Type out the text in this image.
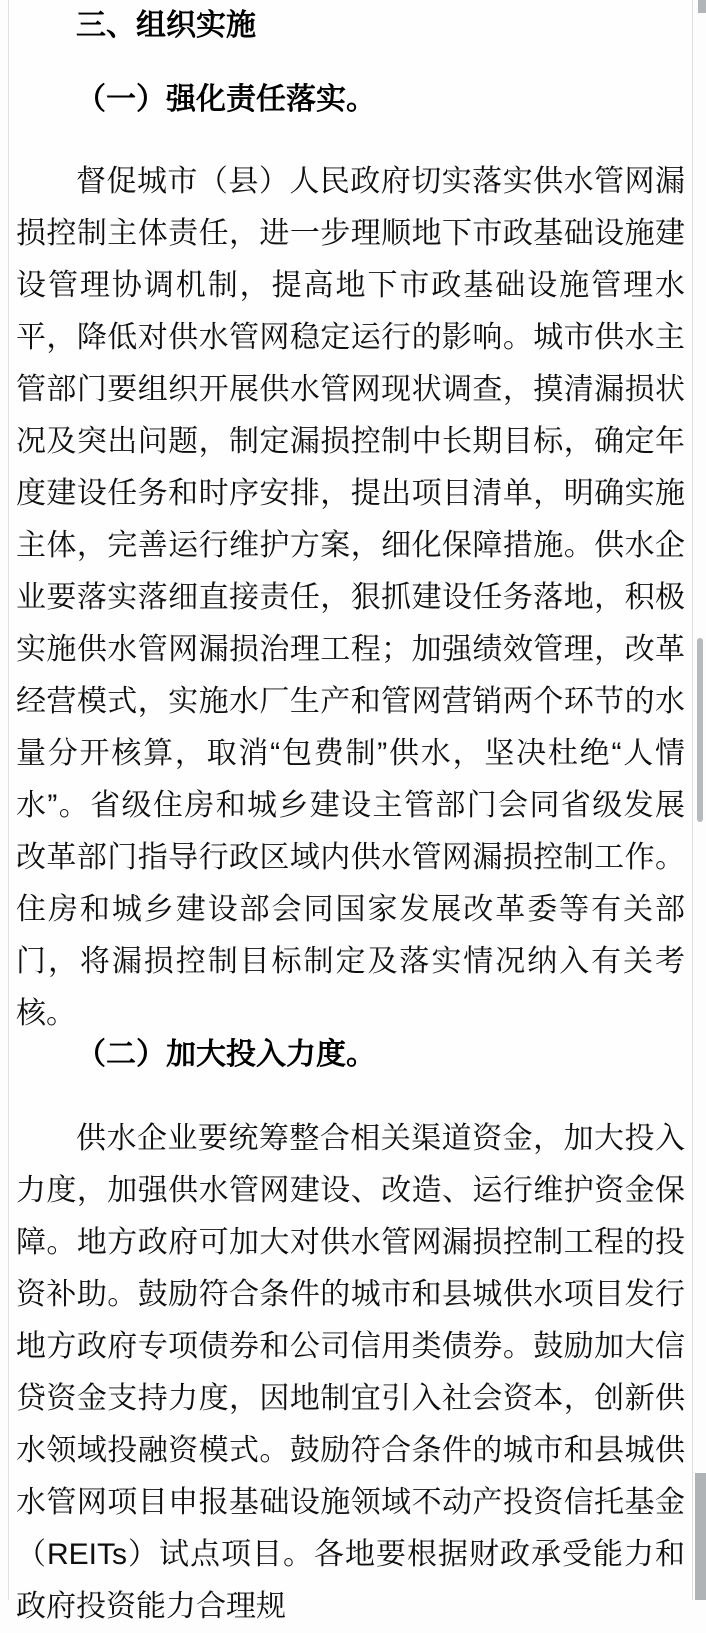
三、组织实施
（一）强化责任落实。

督促城市（县）人民政府切实落实供水管网漏损控制主体责任，进一步理顺地下市政基础设施建设管理协调机制，提高地下市政基础设施管理水平，降低对供水管网稳定运行的影响。城市供水主管部门要组织开展供水管网现状调查，摸清漏损状况及突出问题，制定漏损控制中长期目标，确定年度建设任务和时序安排，提出项目清单，明确实施主体，完善运行维护方案，细化保障措施。供水企业要落实落细直接责任，狠抓建设任务落地，积极实施供水管网漏损治理工程；加强绩效管理，改革经营模式，实施水厂生产和管网营销两个环节的水量分开核算，取消“包费制”供水，坚决杜绝“人情水”。省级住房和城乡建设主管部门会同省级发展改革部门指导行政区域内供水管网漏损控制工作。住房和城乡建设部会同国家发展改革委等有关部门，将漏损控制目标制定及落实情况纳入有关考核。

（二）加大投入力度。

供水企业要统筹整合相关渠道资金，加大投入力度，加强供水管网建设、改造、运行维护资金保障。地方政府可加大对供水管网漏损控制工程的投资补助。鼓励符合条件的城市和县城供水项目发行地方政府专项债券和公司信用类债券。鼓励加大信贷资金支持力度，因地制宜引入社会资本，创新供水领域投融资模式。鼓励符合条件的城市和县城供水管网项目申报基础设施领域不动产投资信托基金（REITs）试点项目。各地要根据财政承受能力和政府投资能力合理规
